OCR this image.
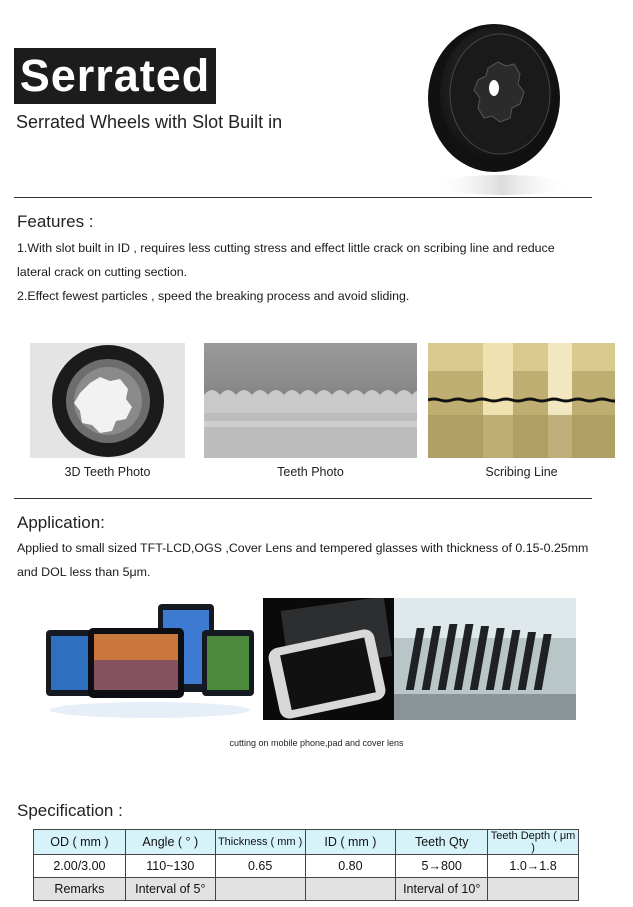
Serrated
Serrated Wheels with Slot Built in
Features :
1.With slot built in ID , requires less cutting stress and effect little crack on scribing line and reduce
lateral crack on cutting section.
2.Effect fewest particles , speed the breaking process and avoid sliding.
3D Teeth Photo	Teeth Photo	Scribing Line
Application:
Applied to small sized TFT-LCD,OGS ,Cover Lens and tempered glasses with thickness of 0.15-0.25mm
and DOL less than 5μm.
cutting on mobile phone,pad and cover lens
Specification :
OD ( mm )	Angle ( ° )	Thickness ( mm )	ID ( mm )	Teeth Qty	Teeth Depth ( μm )
2.00/3.00	110~130	0.65	0.80	5→800	1.0→1.8
Remarks	Interval of 5°			Interval of 10°	
